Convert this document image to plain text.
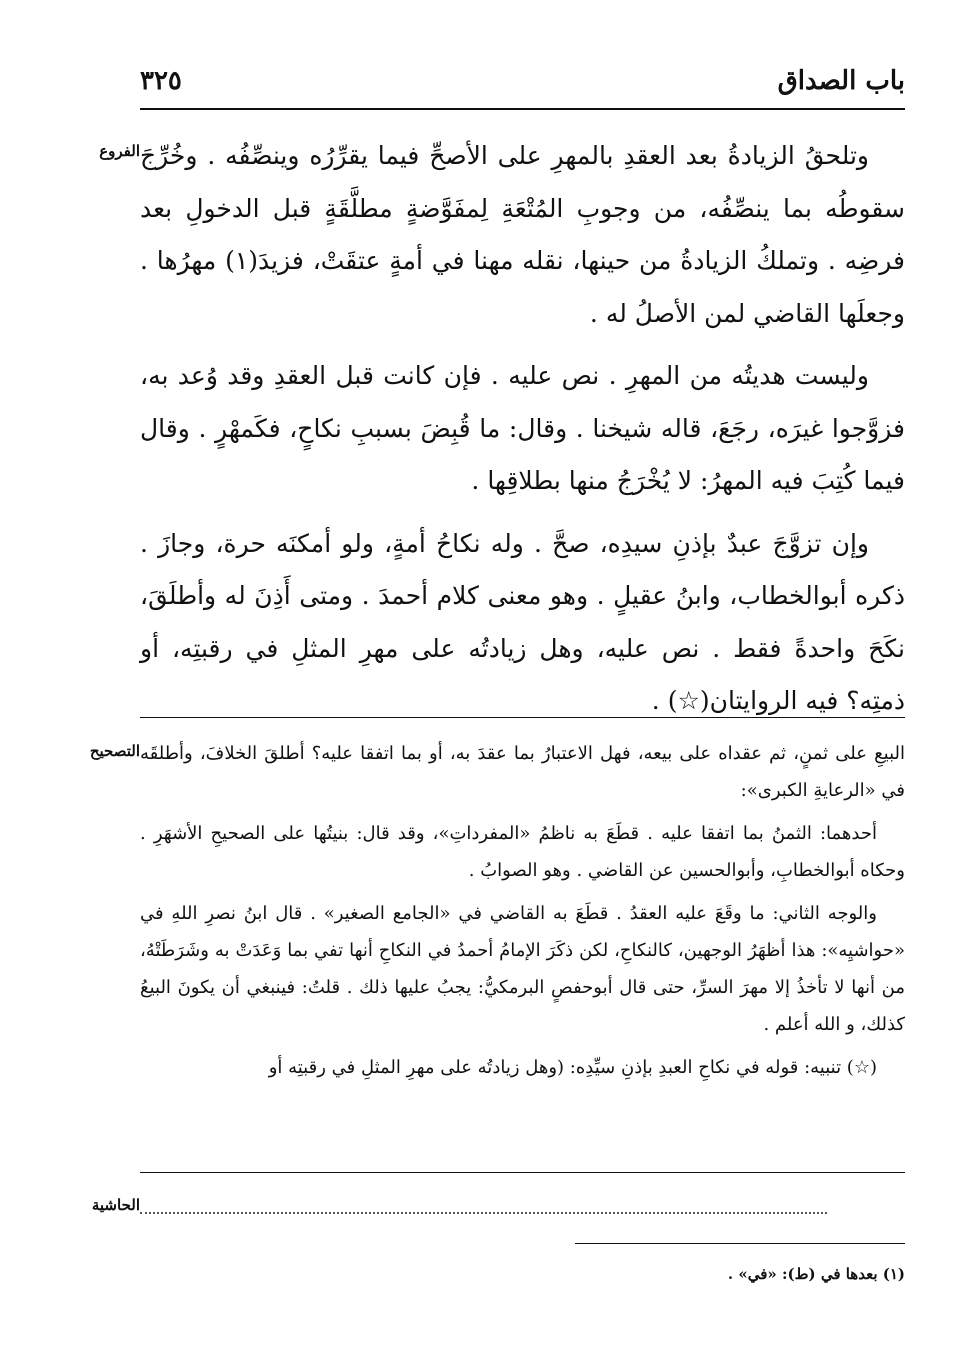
باب الصداق
٣٢٥
الفروع وتلحقُ الزيادةُ بعد العقدِ بالمهرِ على الأصحِّ فيما يقرِّرُه وينصِّفُه . وخُرِّجَ سقوطُه بما ينصِّفُه، من وجوبِ المُتْعَةِ لِمفَوَّضةٍ مطلَّقَةٍ قبل الدخولِ بعد فرضِه . وتملكُ الزيادةُ من حينها، نقله مهنا في أمةٍ عتقَتْ، فزيدَ(١) مهرُها . وجعلَها القاضي لمن الأصلُ له .

وليست هديتُه من المهرِ . نص عليه . فإن كانت قبل العقدِ وقد وُعد به، فزوَّجوا غيرَه، رجَعَ، قاله شيخنا . وقال: ما قُبِضَ بسببِ نكاحٍ، فكَمهْرٍ . وقال فيما كُتِبَ فيه المهرُ: لا يُخْرَجُ منها بطلاقِها .

وإن تزوَّجَ عبدٌ بإذنِ سيدِه، صحَّ . وله نكاحُ أمةٍ، ولو أمكنَه حرة، وجازَ . ذكره أبوالخطاب، وابنُ عقيلٍ . وهو معنى كلام أحمدَ . ومتى أَذِنَ له وأطلَقَ، نكَحَ واحدةً فقط . نص عليه، وهل زيادتُه على مهرِ المثلِ في رقبتِه، أو ذمتِه؟ فيه الروايتان(☆) .

التصحيح البيعِ على ثمنٍ، ثم عقداه على بيعه، فهل الاعتبارُ بما عقدَ به، أو بما اتفقا عليه؟ أطلقَ الخلافَ، وأطلقَه في «الرعايةِ الكبرى»:

أحدهما: الثمنُ بما اتفقا عليه . قطَعَ به ناظمُ «المفرداتِ»، وقد قال: بنيتُها على الصحيحِ الأشهَرِ . وحكاه أبوالخطابِ، وأبوالحسين عن القاضي . وهو الصوابُ .

والوجه الثاني: ما وقَعَ عليه العقدُ . قطَعَ به القاضي في «الجامع الصغير» . قال ابنُ نصرِ اللهِ في «حواشيِه»: هذا أظهَرُ الوجهين، كالنكاحِ، لكن ذكَرَ الإمامُ أحمدُ في النكاحِ أنها تفي بما وَعَدَتْ به وشَرَطَتْهُ، من أنها لا تأخذُ إلا مهرَ السرِّ، حتى قال أبوحفصٍ البرمكيُّ: يجبُ عليها ذلك . قلتُ: فينبغي أن يكونَ البيعُ كذلك، و الله أعلم .

(☆) تنبيه: قوله في نكاحِ العبدِ بإذنِ سيِّدِه: (وهل زيادتُه على مهرِ المثلِ في رقبتِه أو

الحاشية
(١) بعدها في (ط): «في» .
